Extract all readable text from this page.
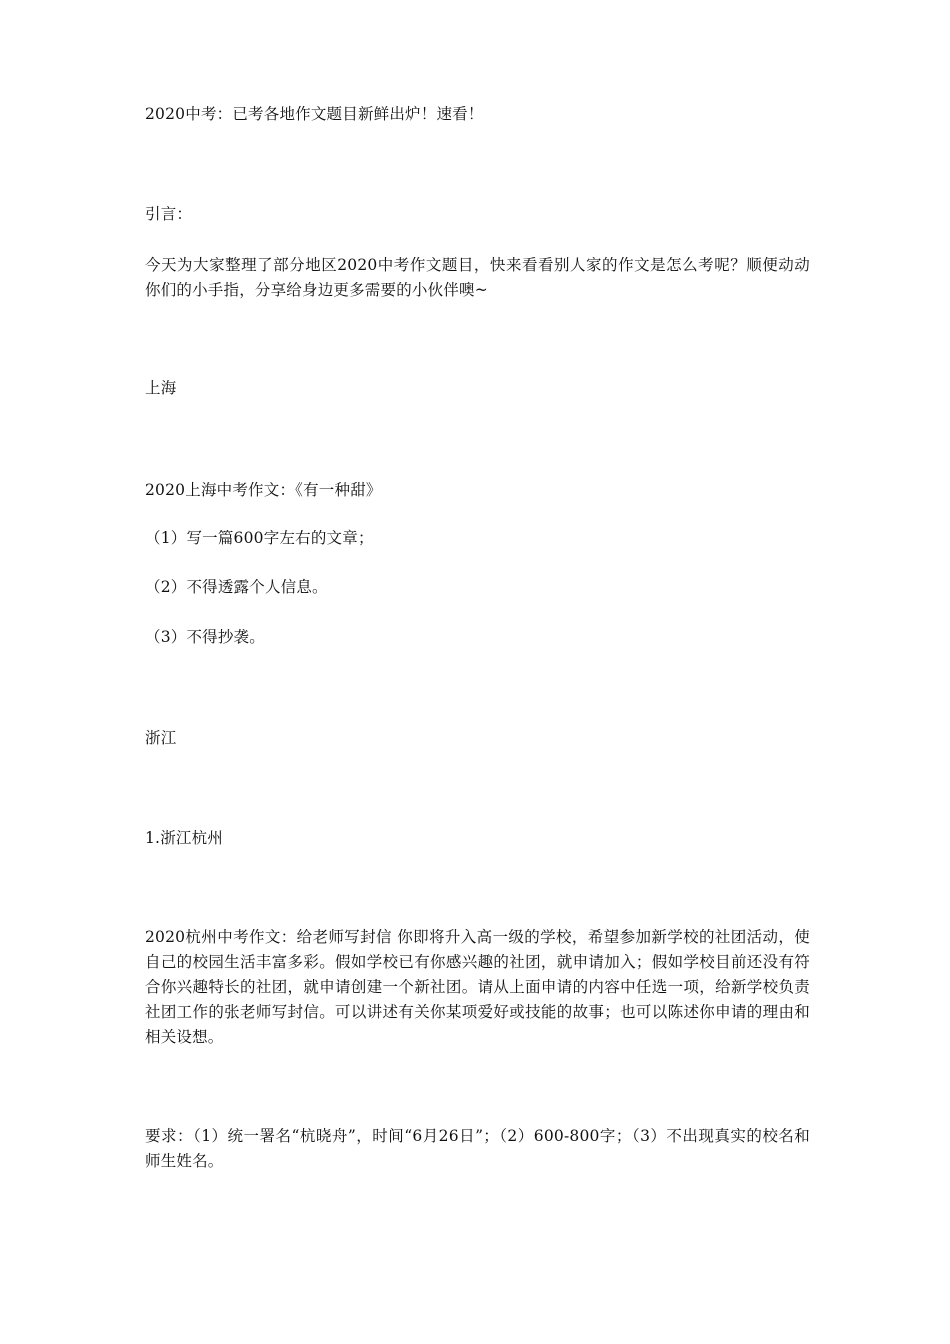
2020中考：已考各地作文题目新鲜出炉！速看！

引言：

今天为大家整理了部分地区2020中考作文题目，快来看看别人家的作文是怎么考呢？顺便动动你们的小手指，分享给身边更多需要的小伙伴噢~

上海

2020上海中考作文：《有一种甜》

（1）写一篇600字左右的文章；

（2）不得透露个人信息。

（3）不得抄袭。

浙江

1.浙江杭州

2020杭州中考作文：给老师写封信 你即将升入高一级的学校，希望参加新学校的社团活动，使自己的校园生活丰富多彩。假如学校已有你感兴趣的社团，就申请加入；假如学校目前还没有符合你兴趣特长的社团，就申请创建一个新社团。请从上面申请的内容中任选一项，给新学校负责社团工作的张老师写封信。可以讲述有关你某项爱好或技能的故事；也可以陈述你申请的理由和相关设想。

要求：（1）统一署名“杭晓舟”，时间“6月26日”；（2）600-800字；（3）不出现真实的校名和师生姓名。
